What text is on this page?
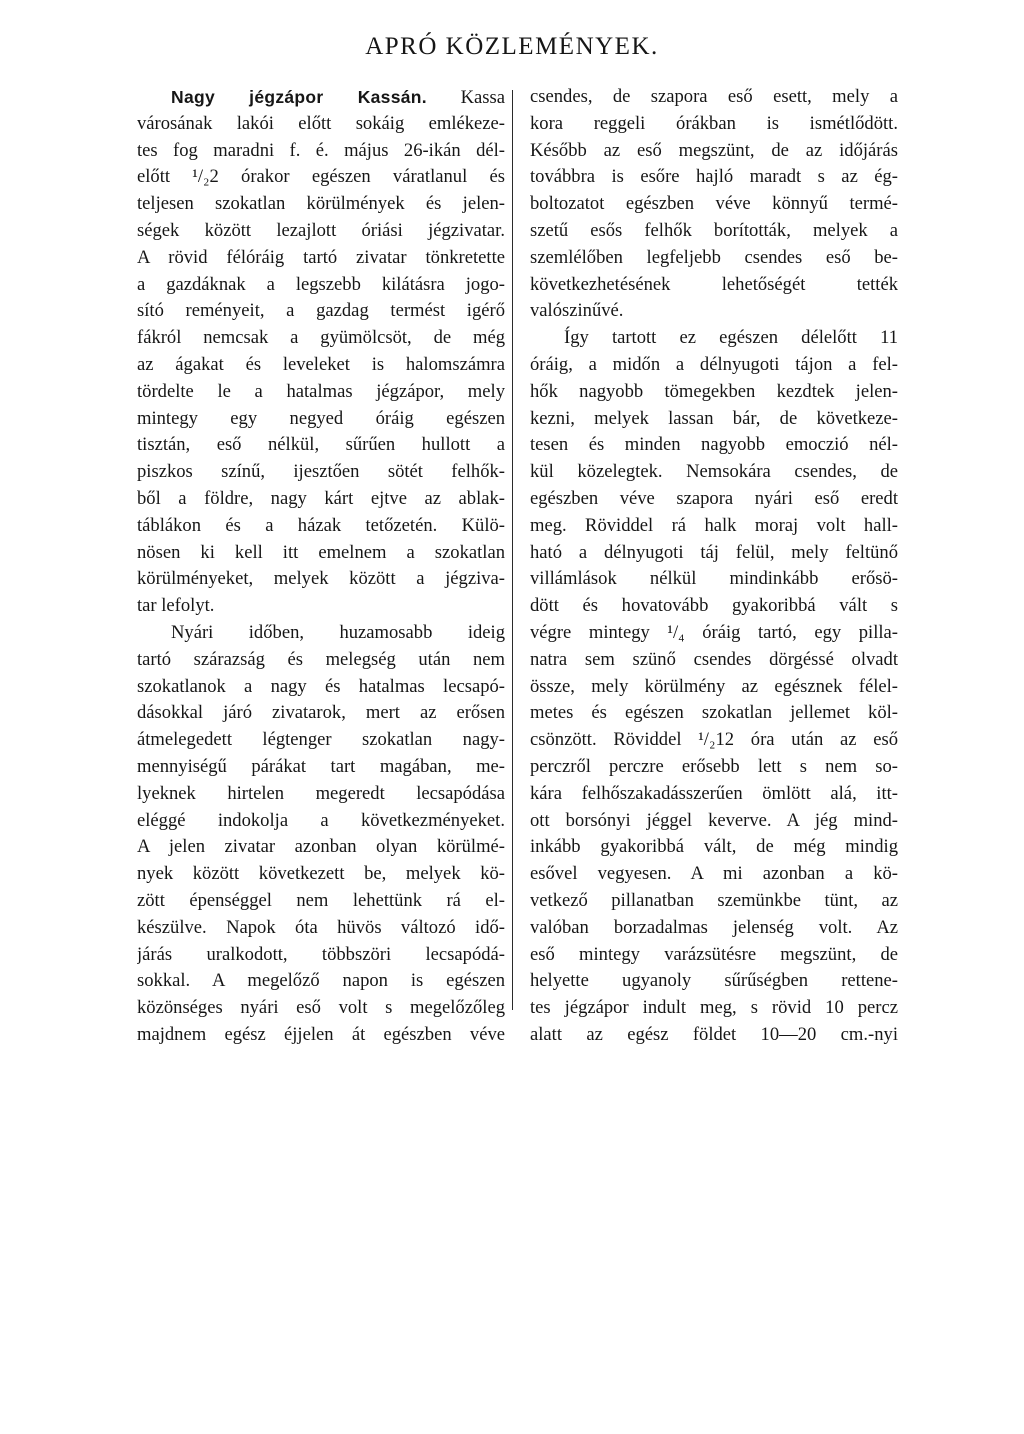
APRÓ KÖZLEMÉNYEK.
Nagy jégzápor Kassán. Kassa
városának lakói előtt sokáig emlékeze-
tes fog maradni f. é. május 26-ikán dél-
előtt ¹/₂2 órakor egészen váratlanul és
teljesen szokatlan körülmények és jelen-
ségek között lezajlott óriási jégzivatar.
A rövid félóráig tartó zivatar tönkretette
a gazdáknak a legszebb kilátásra jogo-
sító reményeit, a gazdag termést igérő
fákról nemcsak a gyümölcsöt, de még
az ágakat és leveleket is halomszámra
tördelte le a hatalmas jégzápor, mely
mintegy egy negyed óráig egészen
tisztán, eső nélkül, sűrűen hullott a
piszkos színű, ijesztően sötét felhők-
ből a földre, nagy kárt ejtve az ablak-
táblákon és a házak tetőzetén. Külö-
nösen ki kell itt emelnem a szokatlan
körülményeket, melyek között a jégziva-
tar lefolyt.
Nyári időben, huzamosabb ideig
tartó szárazság és melegség után nem
szokatlanok a nagy és hatalmas lecsapó-
dásokkal járó zivatarok, mert az erősen
átmelegedett légtenger szokatlan nagy-
mennyiségű párákat tart magában, me-
lyeknek hirtelen megeredt lecsapódása
eléggé indokolja a következményeket.
A jelen zivatar azonban olyan körülmé-
nyek között következett be, melyek kö-
zött épenséggel nem lehettünk rá el-
készülve. Napok óta hüvös változó idő-
járás uralkodott, többszöri lecsapódá-
sokkal. A megelőző napon is egészen
közönséges nyári eső volt s megelőzőleg
majdnem egész éjjelen át egészben véve
csendes, de szapora eső esett, mely a
kora reggeli órákban is ismétlődött.
Később az eső megszünt, de az időjárás
továbbra is esőre hajló maradt s az ég-
boltozatot egészben véve könnyű termé-
szetű esős felhők borították, melyek a
szemlélőben legfeljebb csendes eső be-
következhetésének lehetőségét tették
valószinűvé.
Így tartott ez egészen délelőtt 11
óráig, a midőn a délnyugoti tájon a fel-
hők nagyobb tömegekben kezdtek jelen-
kezni, melyek lassan bár, de következe-
tesen és minden nagyobb emoczió nél-
kül közelegtek. Nemsokára csendes, de
egészben véve szapora nyári eső eredt
meg. Röviddel rá halk moraj volt hall-
ható a délnyugoti táj felül, mely feltünő
villámlások nélkül mindinkább erősö-
dött és hovatovább gyakoribbá vált s
végre mintegy ¹/₄ óráig tartó, egy pilla-
natra sem szünő csendes dörgéssé olvadt
össze, mely körülmény az egésznek félel-
metes és egészen szokatlan jellemet köl-
csönzött. Röviddel ¹/₂12 óra után az eső
perczről perczre erősebb lett s nem so-
kára felhőszakadásszerűen ömlött alá, itt-
ott borsónyi jéggel keverve. A jég mind-
inkább gyakoribbá vált, de még mindig
esővel vegyesen. A mi azonban a kö-
vetkező pillanatban szemünkbe tünt, az
valóban borzadalmas jelenség volt. Az
eső mintegy varázsütésre megszünt, de
helyette ugyanoly sűrűségben rettene-
tes jégzápor indult meg, s rövid 10 percz
alatt az egész földet 10—20 cm.-nyi
